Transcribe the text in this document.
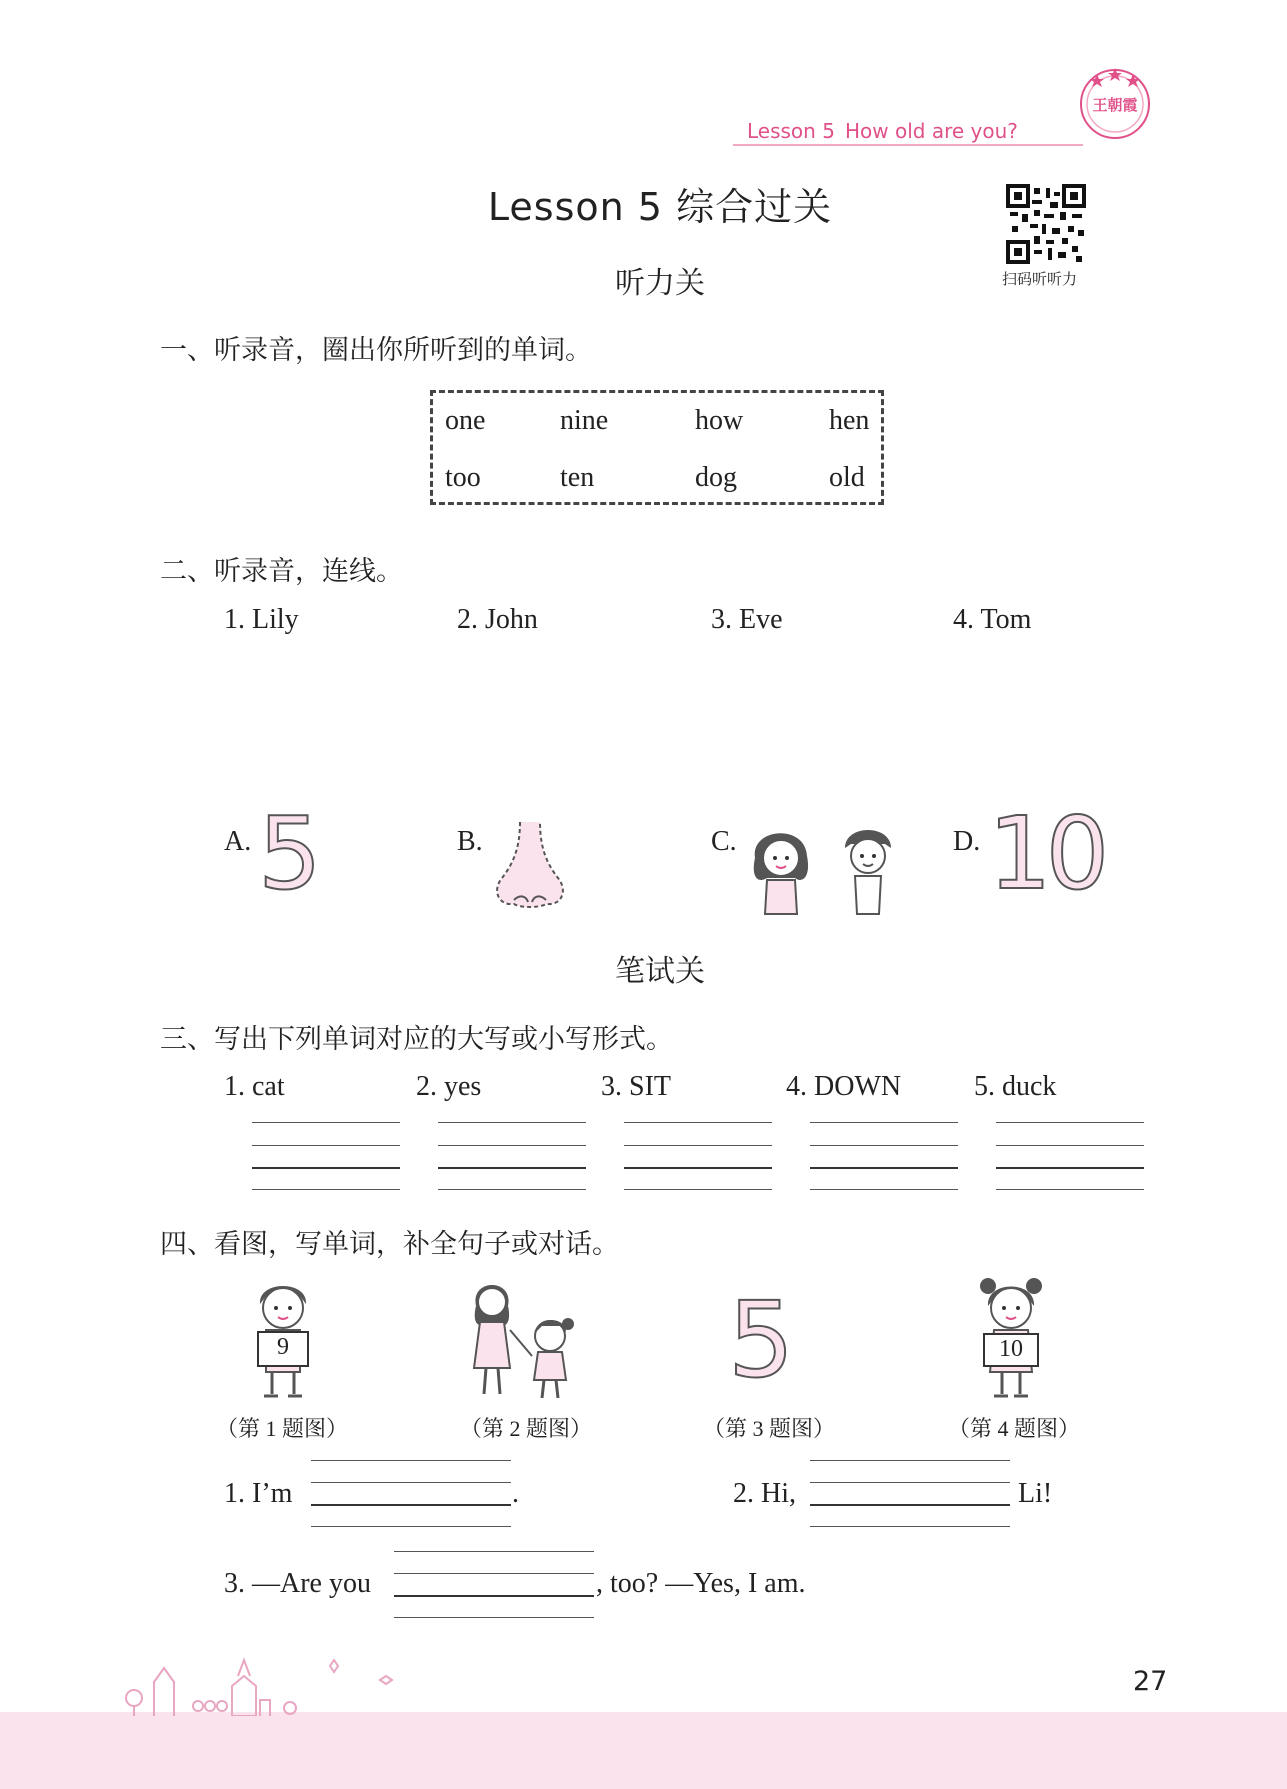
Lesson 5 How old are you?
王朝霞
Lesson 5 综合过关
扫码听听力
听力关
一、听录音，圈出你所听到的单词。
one	nine	how	hen
too	ten	dog	old
二、听录音，连线。
1. Lily	2. John	3. Eve	4. Tom
A.	B.	C.	D.
5	10
笔试关
三、写出下列单词对应的大写或小写形式。
1. cat	2. yes	3. SIT	4. DOWN	5. duck
四、看图，写单词，补全句子或对话。
9	5	10
（第 1 题图）	（第 2 题图）	（第 3 题图）	（第 4 题图）
1. I’m	.	2. Hi,	Li!
3. —Are you	, too? —Yes, I am.
27
